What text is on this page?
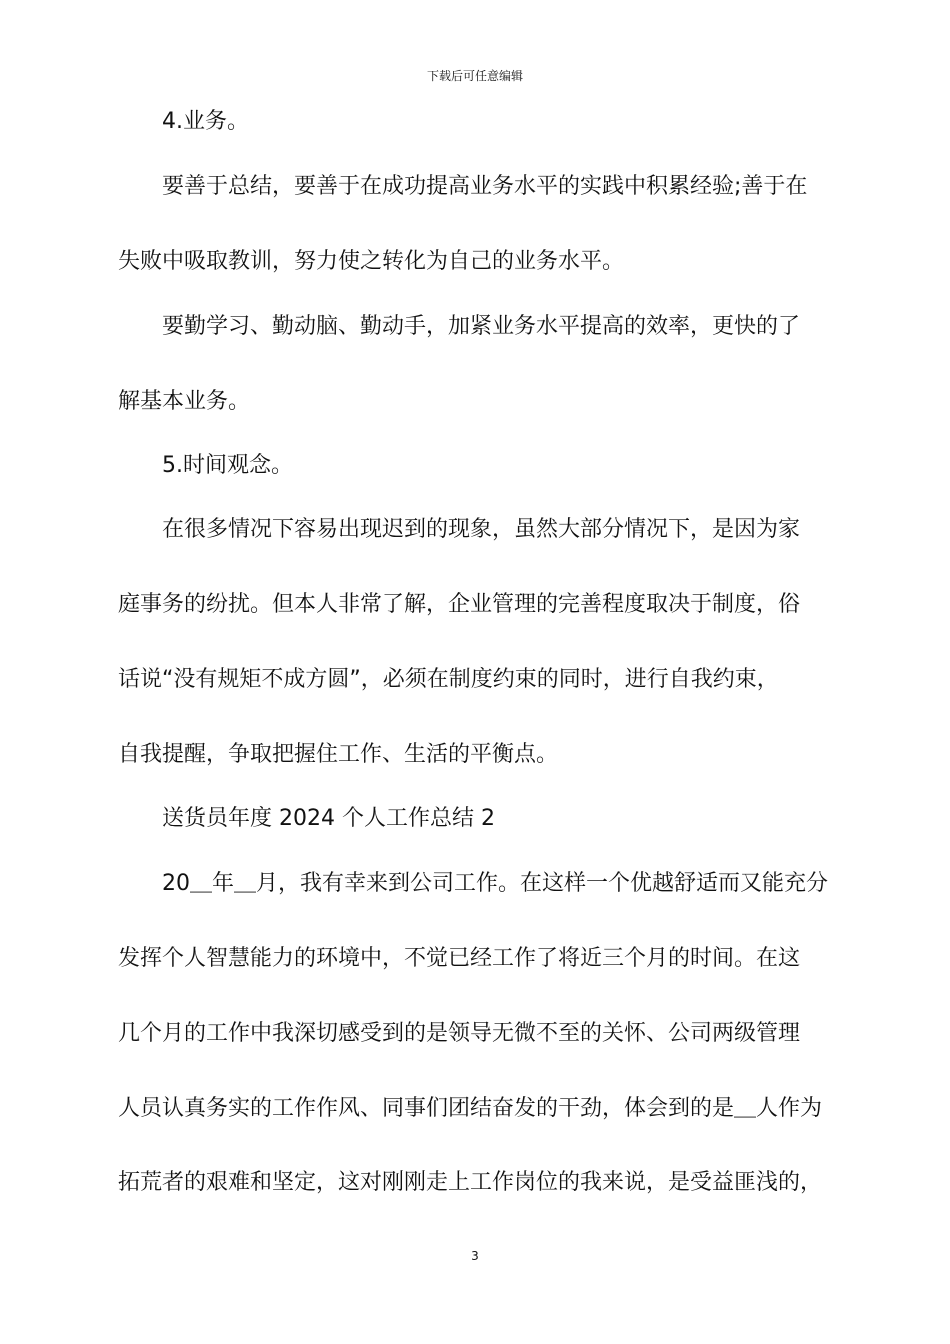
下载后可任意编辑
4.业务。
要善于总结，要善于在成功提高业务水平的实践中积累经验;善于在
失败中吸取教训，努力使之转化为自己的业务水平。
要勤学习、勤动脑、勤动手，加紧业务水平提高的效率，更快的了
解基本业务。
5.时间观念。
在很多情况下容易出现迟到的现象，虽然大部分情况下，是因为家
庭事务的纷扰。但本人非常了解，企业管理的完善程度取决于制度，俗
话说“没有规矩不成方圆”，必须在制度约束的同时，进行自我约束，
自我提醒，争取把握住工作、生活的平衡点。
送货员年度 2024 个人工作总结 2
20＿年＿月，我有幸来到公司工作。在这样一个优越舒适而又能充分
发挥个人智慧能力的环境中，不觉已经工作了将近三个月的时间。在这
几个月的工作中我深切感受到的是领导无微不至的关怀、公司两级管理
人员认真务实的工作作风、同事们团结奋发的干劲，体会到的是＿人作为
拓荒者的艰难和坚定，这对刚刚走上工作岗位的我来说，是受益匪浅的，
3
